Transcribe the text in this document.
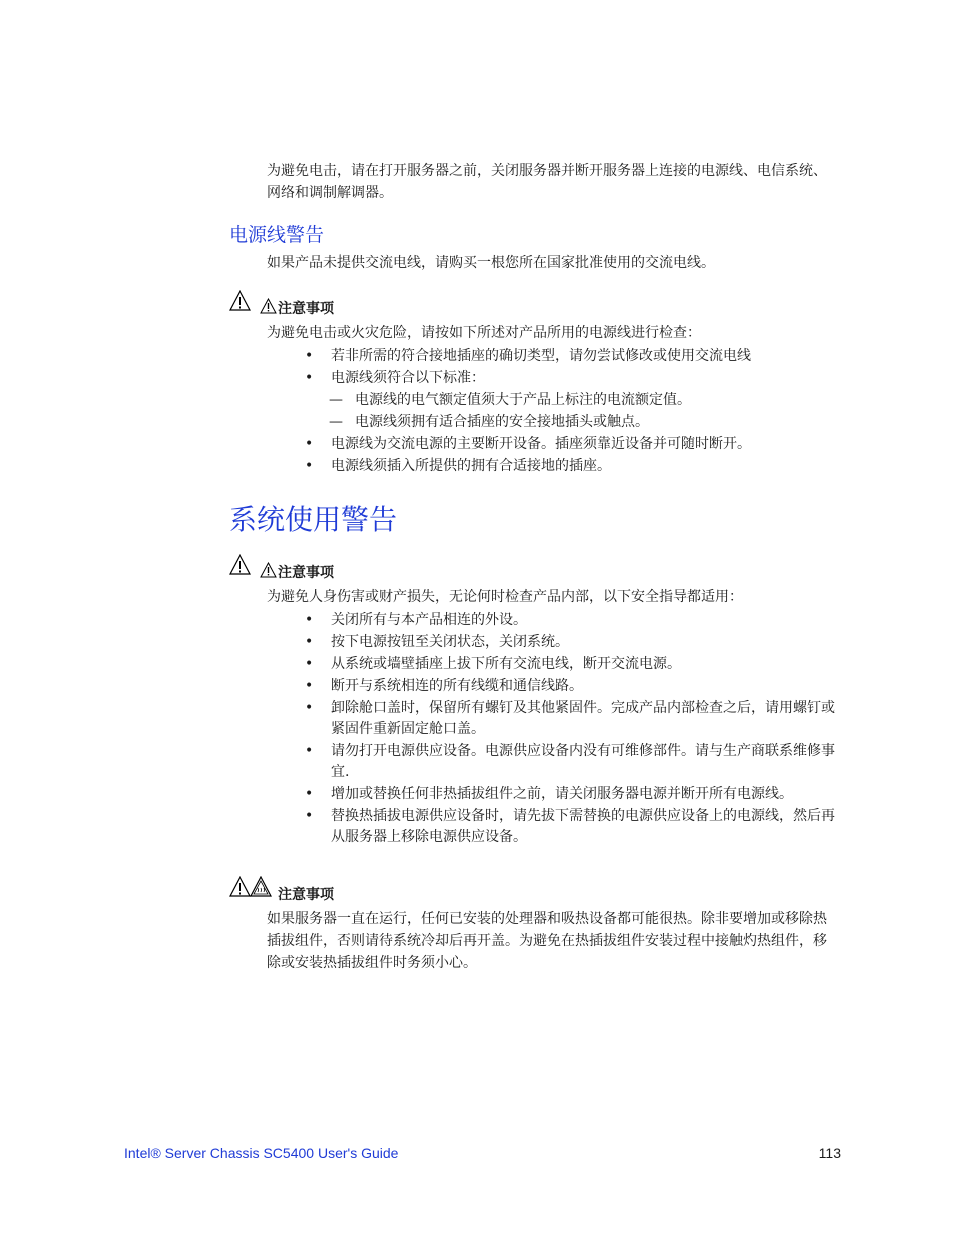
为避免电击，请在打开服务器之前，关闭服务器并断开服务器上连接的电源线、电信系统、网络和调制解调器。
电源线警告
如果产品未提供交流电线，请购买一根您所在国家批准使用的交流电线。
注意事项
为避免电击或火灾危险，请按如下所述对产品所用的电源线进行检查：
• 若非所需的符合接地插座的确切类型，请勿尝试修改或使用交流电线
• 电源线须符合以下标准：
— 电源线的电气额定值须大于产品上标注的电流额定值。
— 电源线须拥有适合插座的安全接地插头或触点。
• 电源线为交流电源的主要断开设备。插座须靠近设备并可随时断开。
• 电源线须插入所提供的拥有合适接地的插座。
系统使用警告
注意事项
为避免人身伤害或财产损失，无论何时检查产品内部，以下安全指导都适用：
• 关闭所有与本产品相连的外设。
• 按下电源按钮至关闭状态，关闭系统。
• 从系统或墙壁插座上拔下所有交流电线，断开交流电源。
• 断开与系统相连的所有线缆和通信线路。
• 卸除舱口盖时，保留所有螺钉及其他紧固件。完成产品内部检查之后，请用螺钉或紧固件重新固定舱口盖。
• 请勿打开电源供应设备。电源供应设备内没有可维修部件。请与生产商联系维修事宜.
• 增加或替换任何非热插拔组件之前，请关闭服务器电源并断开所有电源线。
• 替换热插拔电源供应设备时，请先拔下需替换的电源供应设备上的电源线，然后再从服务器上移除电源供应设备。
注意事项
如果服务器一直在运行，任何已安装的处理器和吸热设备都可能很热。除非要增加或移除热插拔组件，否则请待系统冷却后再开盖。为避免在热插拔组件安装过程中接触灼热组件，移除或安装热插拔组件时务须小心。
Intel® Server Chassis SC5400 User's Guide	113
